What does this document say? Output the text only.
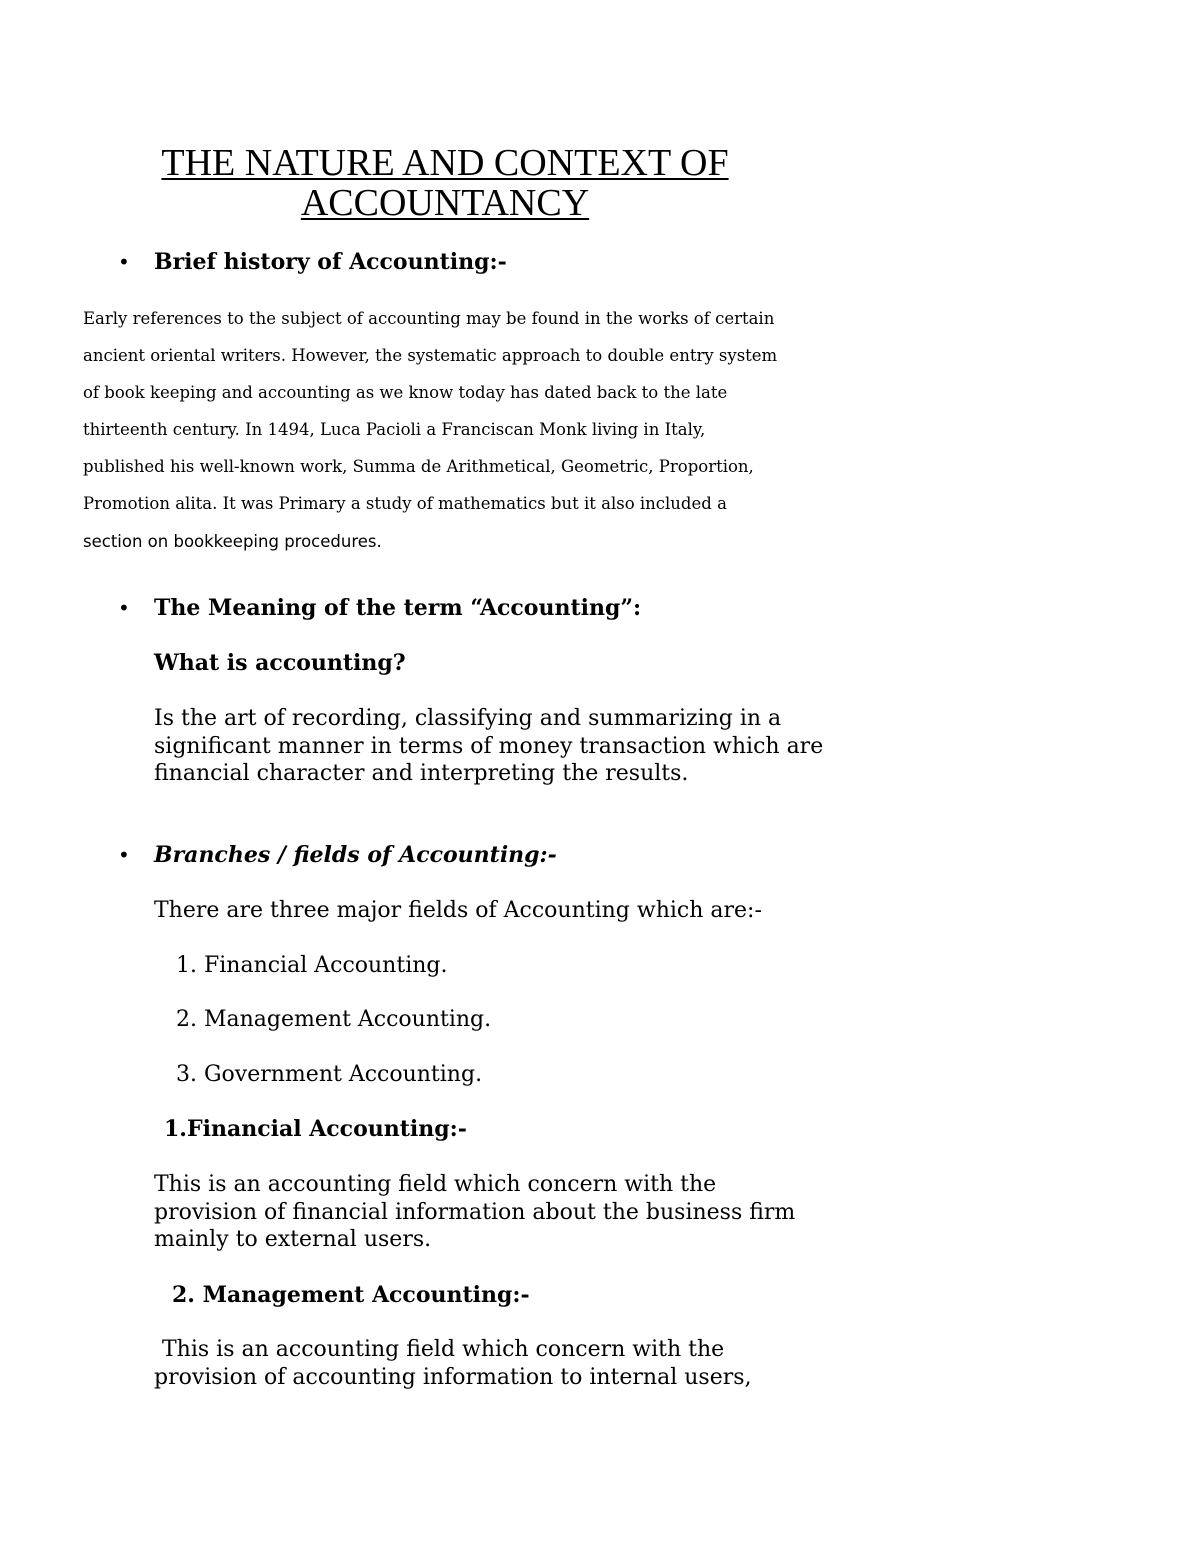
THE NATURE AND CONTEXT OF
ACCOUNTANCY
• Brief history of Accounting:-
Early references to the subject of accounting may be found in the works of certain
ancient oriental writers. However, the systematic approach to double entry system
of book keeping and accounting as we know today has dated back to the late
thirteenth century. In 1494, Luca Pacioli a Franciscan Monk living in Italy,
published his well-known work, Summa de Arithmetical, Geometric, Proportion,
Promotion alita. It was Primary a study of mathematics but it also included a
section on bookkeeping procedures.
• The Meaning of the term “Accounting”:
What is accounting?
Is the art of recording, classifying and summarizing in a significant manner in terms of money transaction which are financial character and interpreting the results.
• Branches / fields of Accounting:-
There are three major fields of Accounting which are:-
1. Financial Accounting.
2. Management Accounting.
3. Government Accounting.
1.Financial Accounting:-
This is an accounting field which concern with the provision of financial information about the business firm mainly to external users.
2. Management Accounting:-
This is an accounting field which concern with the provision of accounting information to internal users,
